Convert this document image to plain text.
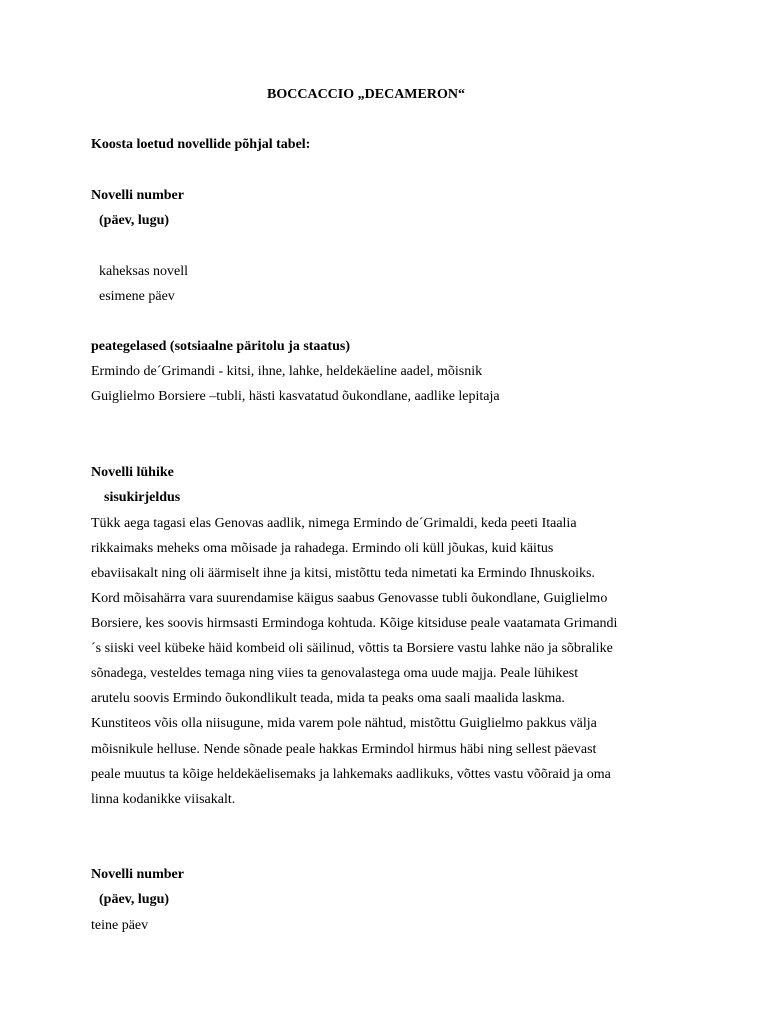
BOCCACCIO „DECAMERON“
Koosta loetud novellide põhjal tabel:
Novelli number
(päev, lugu)
kaheksas novell
esimene päev
peategelased (sotsiaalne päritolu ja staatus)
Ermindo de´Grimandi - kitsi, ihne, lahke, heldekäeline aadel, mõisnik
Guiglielmo Borsiere –tubli, hästi kasvatatud õukondlane, aadlike lepitaja
Novelli lühike
sisukirjeldus
Tükk aega tagasi elas Genovas aadlik, nimega Ermindo de´Grimaldi, keda peeti Itaalia
rikkaimaks meheks oma mõisade ja rahadega. Ermindo oli küll jõukas, kuid käitus
ebaviisakalt ning oli äärmiselt ihne ja kitsi, mistõttu teda nimetati ka Ermindo Ihnuskoiks.
Kord mõisahärra vara suurendamise käigus saabus Genovasse tubli õukondlane, Guiglielmo
Borsiere, kes soovis hirmsasti Ermindoga kohtuda. Kõige kitsiduse peale vaatamata Grimandi
´s siiski veel kübeke häid kombeid oli säilinud, võttis ta Borsiere vastu lahke näo ja sõbralike
sõnadega, vesteldes temaga ning viies ta genovalastega oma uude majja. Peale lühikest
arutelu soovis Ermindo õukondlikult teada, mida ta peaks oma saali maalida laskma.
Kunstiteos võis olla niisugune, mida varem pole nähtud, mistõttu Guiglielmo pakkus välja
mõisnikule helluse. Nende sõnade peale hakkas Ermindol hirmus häbi ning sellest päevast
peale muutus ta kõige heldekäelisemaks ja lahkemaks aadlikuks, võttes vastu võõraid ja oma
linna kodanikke viisakalt.
Novelli number
(päev, lugu)
teine päev
